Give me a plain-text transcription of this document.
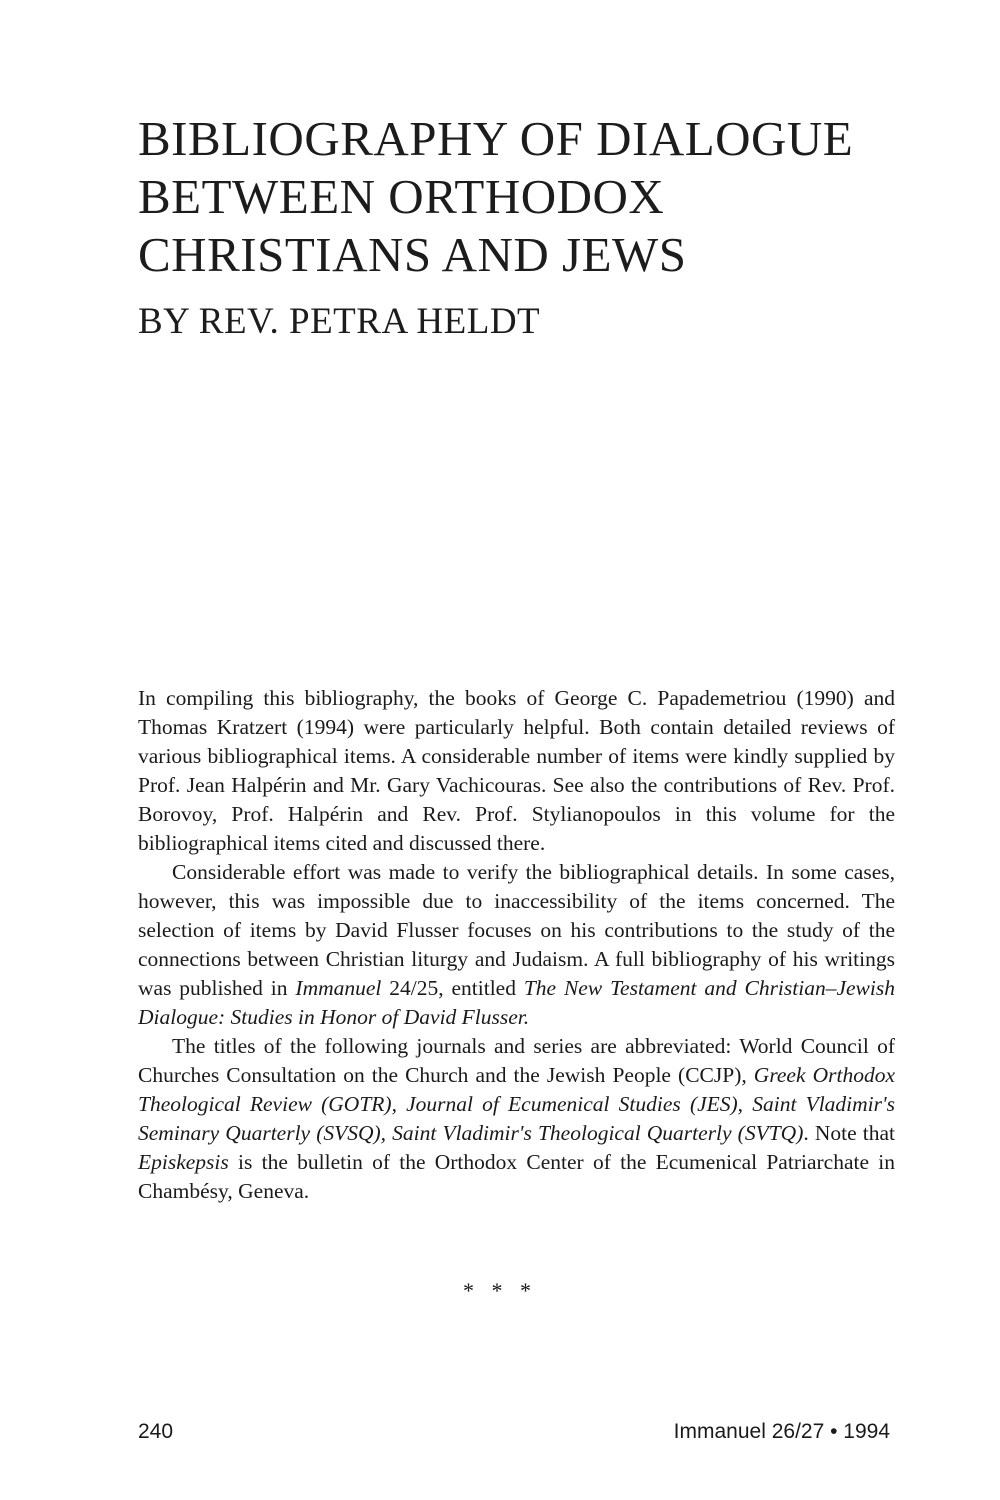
BIBLIOGRAPHY OF DIALOGUE
BETWEEN ORTHODOX
CHRISTIANS AND JEWS
BY REV. PETRA HELDT

In compiling this bibliography, the books of George C. Papademetriou (1990) and Thomas Kratzert (1994) were particularly helpful. Both contain detailed reviews of various bibliographical items. A considerable number of items were kindly supplied by Prof. Jean Halpérin and Mr. Gary Vachicouras. See also the contributions of Rev. Prof. Borovoy, Prof. Halpérin and Rev. Prof. Stylianopoulos in this volume for the bibliographical items cited and discussed there.

Considerable effort was made to verify the bibliographical details. In some cases, however, this was impossible due to inaccessibility of the items concerned. The selection of items by David Flusser focuses on his contributions to the study of the connections between Christian liturgy and Judaism. A full bibliography of his writings was published in Immanuel 24/25, entitled The New Testament and Christian–Jewish Dialogue: Studies in Honor of David Flusser.

The titles of the following journals and series are abbreviated: World Council of Churches Consultation on the Church and the Jewish People (CCJP), Greek Orthodox Theological Review (GOTR), Journal of Ecumenical Studies (JES), Saint Vladimir's Seminary Quarterly (SVSQ), Saint Vladimir's Theological Quarterly (SVTQ). Note that Episkepsis is the bulletin of the Orthodox Center of the Ecumenical Patriarchate in Chambésy, Geneva.

* * *
240	Immanuel 26/27 • 1994
